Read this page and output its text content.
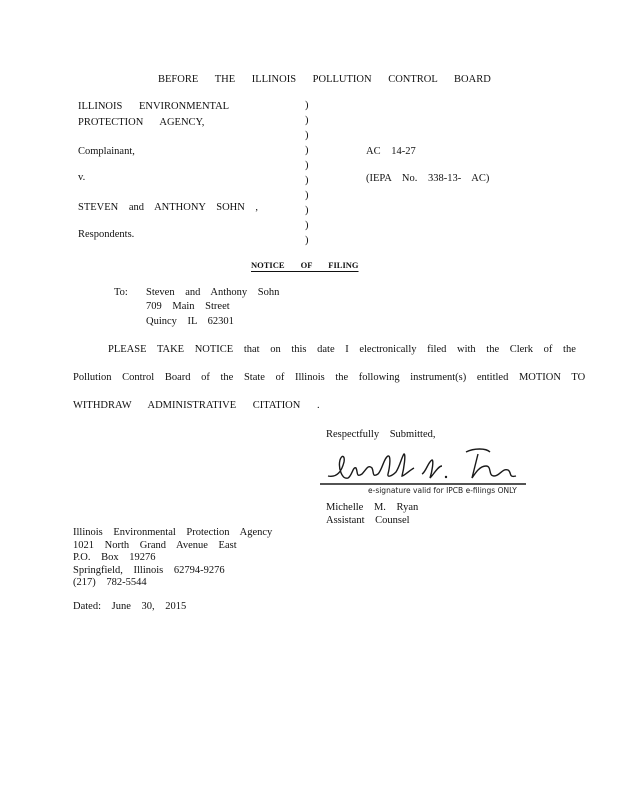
BEFORE THE ILLINOIS POLLUTION CONTROL BOARD
ILLINOIS ENVIRONMENTAL
PROTECTION AGENCY,
Complainant,
v.
STEVEN and ANTHONY SOHN ,
Respondents.
)
)
)
)
)
)
)
)
)
)
AC 14-27
(IEPA No. 338-13- AC)
NOTICE OF FILING
To: Steven and Anthony Sohn
709 Main Street
Quincy IL 62301
PLEASE TAKE NOTICE that on this date I electronically filed with the Clerk of the
Pollution Control Board of the State of Illinois the following instrument(s) entitled MOTION TO
WITHDRAW ADMINISTRATIVE CITATION .
Respectfully Submitted,
e-signature valid for IPCB e-filings ONLY
Michelle M. Ryan
Assistant Counsel
Illinois Environmental Protection Agency
1021 North Grand Avenue East
P.O. Box 19276
Springfield, Illinois 62794-9276
(217) 782-5544
Dated: June 30, 2015
